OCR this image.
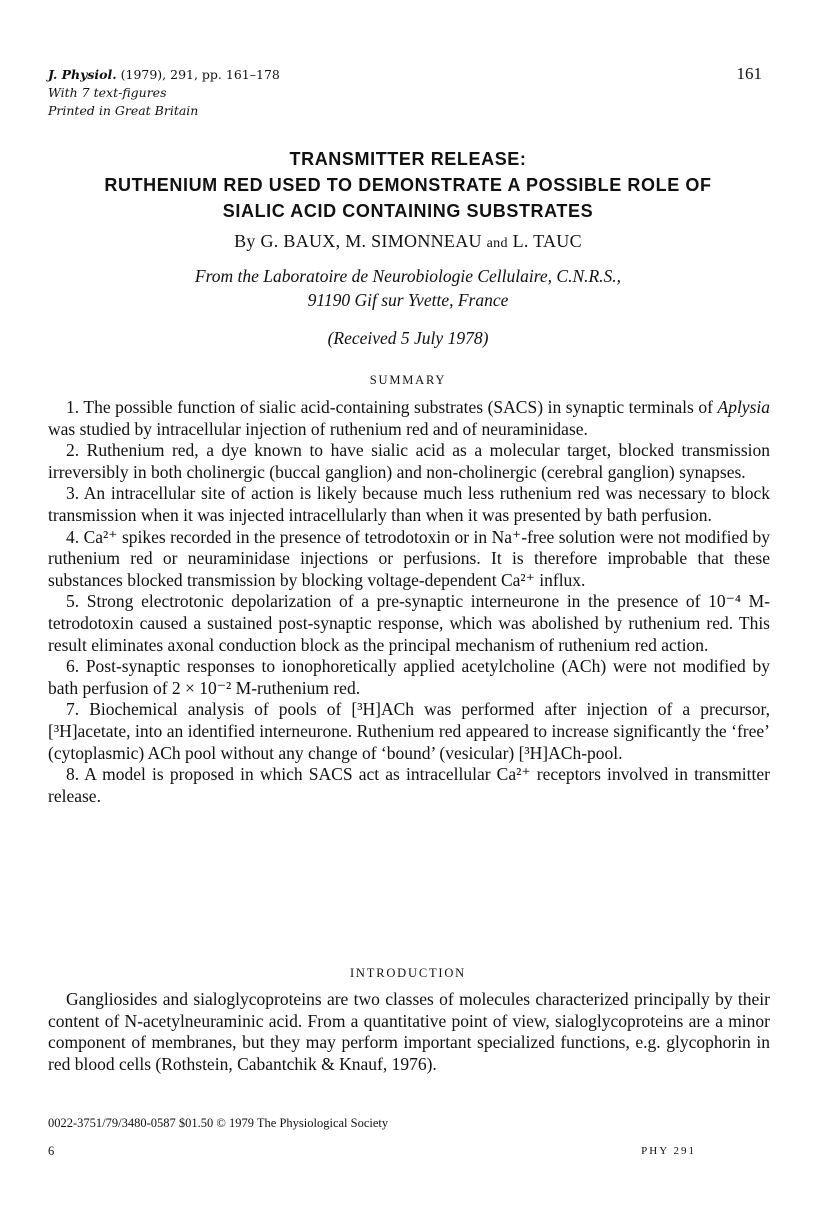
J. Physiol. (1979), 291, pp. 161–178
With 7 text-figures
Printed in Great Britain
161
TRANSMITTER RELEASE:
RUTHENIUM RED USED TO DEMONSTRATE A POSSIBLE ROLE OF
SIALIC ACID CONTAINING SUBSTRATES
By G. BAUX, M. SIMONNEAU and L. TAUC
From the Laboratoire de Neurobiologie Cellulaire, C.N.R.S.,
91190 Gif sur Yvette, France
(Received 5 July 1978)
SUMMARY

1. The possible function of sialic acid-containing substrates (SACS) in synaptic terminals of Aplysia was studied by intracellular injection of ruthenium red and of neuraminidase.

2. Ruthenium red, a dye known to have sialic acid as a molecular target, blocked transmission irreversibly in both cholinergic (buccal ganglion) and non-cholinergic (cerebral ganglion) synapses.

3. An intracellular site of action is likely because much less ruthenium red was necessary to block transmission when it was injected intracellularly than when it was presented by bath perfusion.

4. Ca²⁺ spikes recorded in the presence of tetrodotoxin or in Na⁺-free solution were not modified by ruthenium red or neuraminidase injections or perfusions. It is therefore improbable that these substances blocked transmission by blocking voltage-dependent Ca²⁺ influx.

5. Strong electrotonic depolarization of a pre-synaptic interneurone in the presence of 10⁻⁴ M-tetrodotoxin caused a sustained post-synaptic response, which was abolished by ruthenium red. This result eliminates axonal conduction block as the principal mechanism of ruthenium red action.

6. Post-synaptic responses to ionophoretically applied acetylcholine (ACh) were not modified by bath perfusion of 2 × 10⁻² M-ruthenium red.

7. Biochemical analysis of pools of [³H]ACh was performed after injection of a precursor, [³H]acetate, into an identified interneurone. Ruthenium red appeared to increase significantly the ‘free’ (cytoplasmic) ACh pool without any change of ‘bound’ (vesicular) [³H]ACh-pool.

8. A model is proposed in which SACS act as intracellular Ca²⁺ receptors involved in transmitter release.

INTRODUCTION

Gangliosides and sialoglycoproteins are two classes of molecules characterized principally by their content of N-acetylneuraminic acid. From a quantitative point of view, sialoglycoproteins are a minor component of membranes, but they may perform important specialized functions, e.g. glycophorin in red blood cells (Rothstein, Cabantchik & Knauf, 1976).

0022-3751/79/3480-0587 $01.50 © 1979 The Physiological Society
6	PHY 291
